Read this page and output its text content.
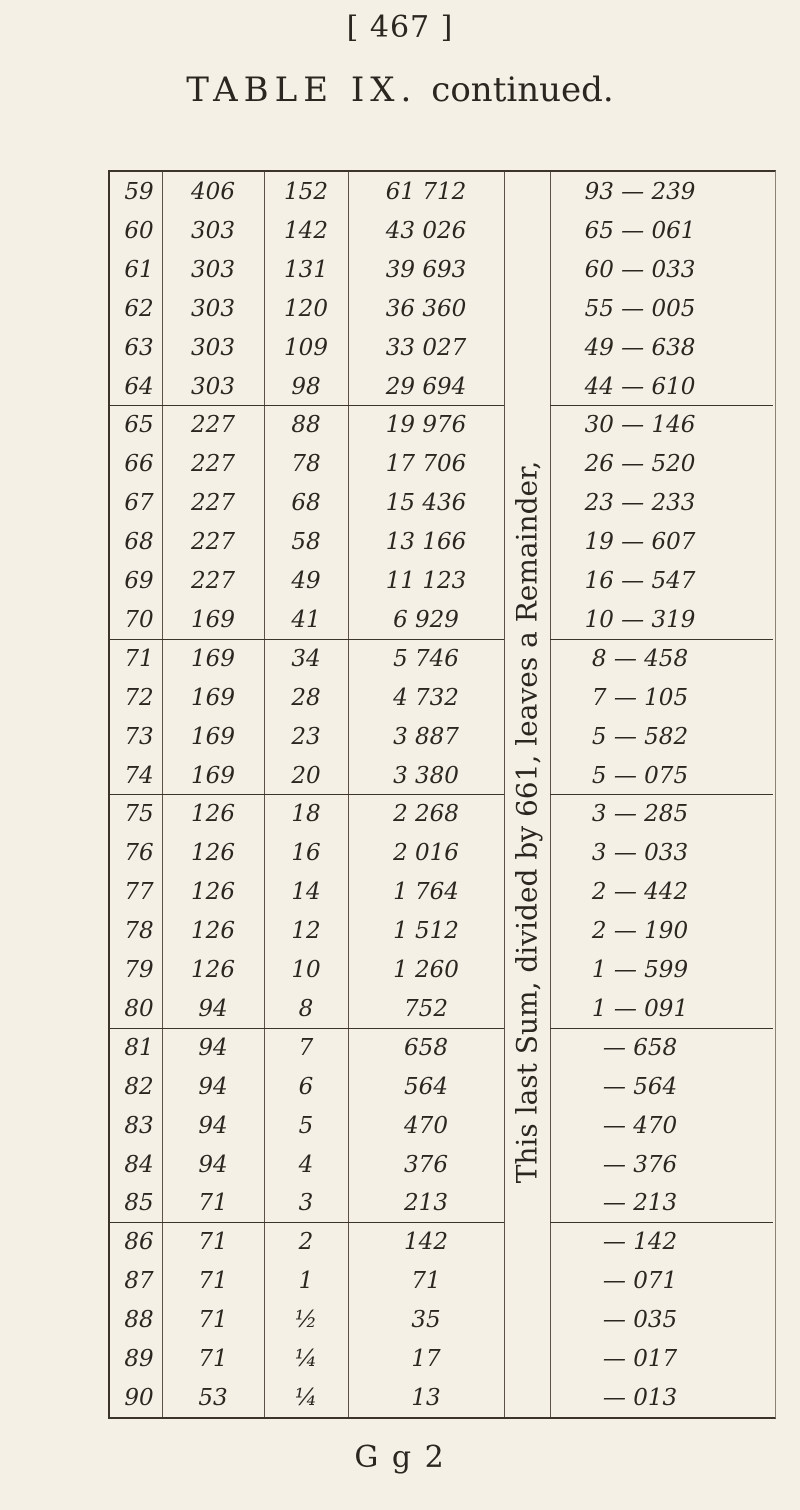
[ 467 ]
TABLE IX. continued.
This last Sum, divided by 661, leaves a Remainder,
59	406	152	61 712	93 — 239
60	303	142	43 026	65 — 061
61	303	131	39 693	60 — 033
62	303	120	36 360	55 — 005
63	303	109	33 027	49 — 638
64	303	98	29 694	44 — 610
65	227	88	19 976	30 — 146
66	227	78	17 706	26 — 520
67	227	68	15 436	23 — 233
68	227	58	13 166	19 — 607
69	227	49	11 123	16 — 547
70	169	41	6 929	10 — 319
71	169	34	5 746	8 — 458
72	169	28	4 732	7 — 105
73	169	23	3 887	5 — 582
74	169	20	3 380	5 — 075
75	126	18	2 268	3 — 285
76	126	16	2 016	3 — 033
77	126	14	1 764	2 — 442
78	126	12	1 512	2 — 190
79	126	10	1 260	1 — 599
80	94	8	752	1 — 091
81	94	7	658	— 658
82	94	6	564	— 564
83	94	5	470	— 470
84	94	4	376	— 376
85	71	3	213	— 213
86	71	2	142	— 142
87	71	1	71	— 071
88	71	½	35	— 035
89	71	¼	17	— 017
90	53	¼	13	— 013
G g 2
